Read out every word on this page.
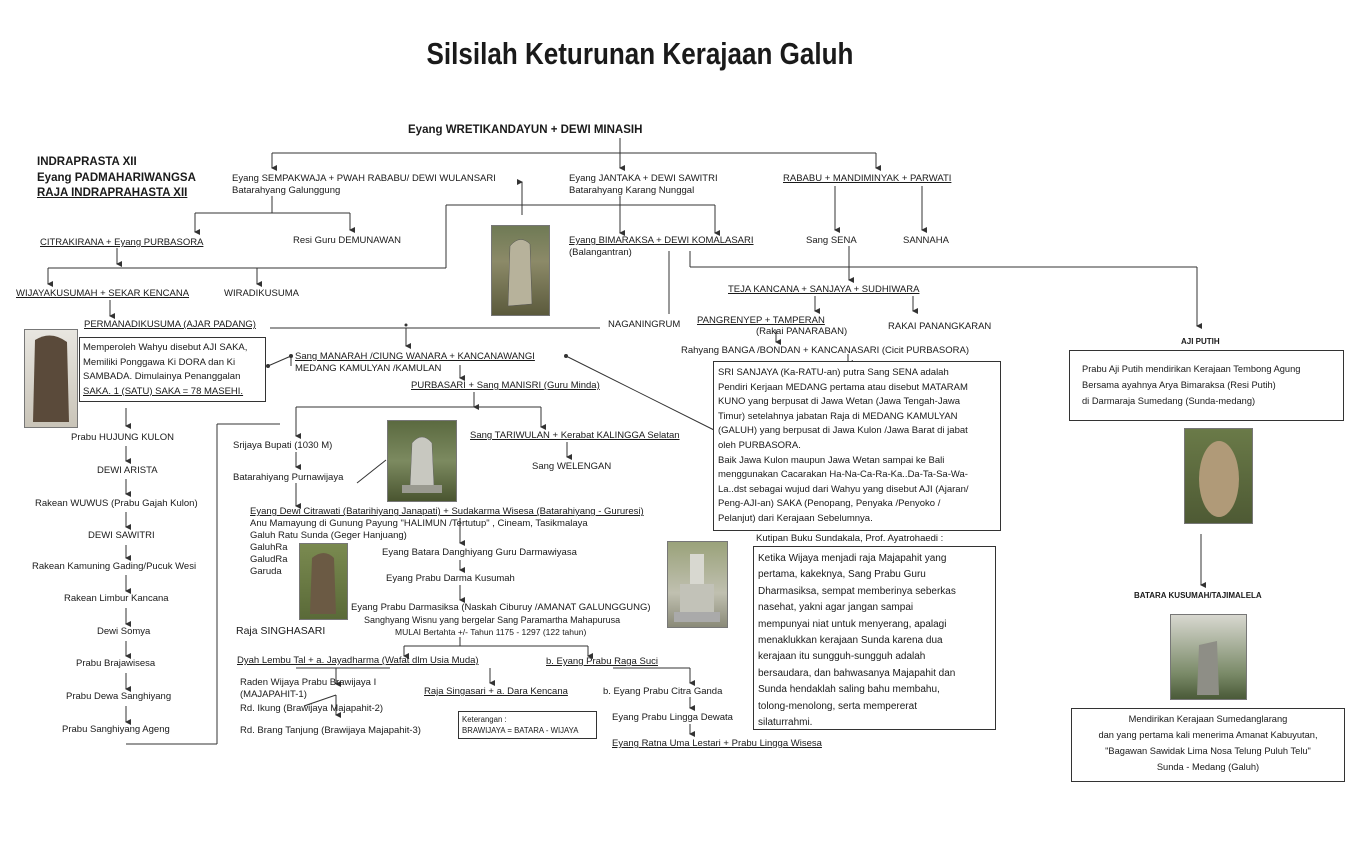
Silsilah Keturunan Kerajaan Galuh
Eyang WRETIKANDAYUN + DEWI MINASIH
INDRAPRASTA XII
Eyang PADMAHARIWANGSA
RAJA INDRAPRAHASTA XII
Eyang SEMPAKWAJA + PWAH RABABU/ DEWI WULANSARI
Batarahyang Galunggung
Eyang JANTAKA + DEWI SAWITRI
Batarahyang Karang Nunggal
RABABU + MANDIMINYAK + PARWATI
CITRAKIRANA + Eyang PURBASORA	Resi Guru DEMUNAWAN	Eyang BIMARAKSA + DEWI KOMALASARI
(Balangantran)
Sang SENA	SANNAHA
WIJAYAKUSUMAH + SEKAR KENCANA	WIRADIKUSUMA	TEJA KANCANA + SANJAYA + SUDHIWARA
PERMANADIKUSUMA (AJAR PADANG)	NAGANINGRUM PANGRENYEP + TAMPERAN
(Rakai PANARABAN)	RAKAI PANANGKARAN
AJI PUTIH
Memperoleh Wahyu disebut AJI SAKA,
Memiliki Ponggawa Ki DORA dan Ki
SAMBADA. Dimulainya Penanggalan
SAKA. 1 (SATU) SAKA = 78 MASEHI.
Sang MANARAH /CIUNG WANARA + KANCANAWANGI
MEDANG KAMULYAN /KAMULAN
Rahyang BANGA /BONDAN + KANCANASARI (Cicit PURBASORA)
PURBASARI + Sang MANISRI (Guru Minda)
SRI SANJAYA (Ka-RATU-an) putra Sang SENA adalah
Pendiri Kerjaan MEDANG pertama atau disebut MATARAM
KUNO yang berpusat di Jawa Wetan (Jawa Tengah-Jawa
Timur) setelahnya jabatan Raja di MEDANG KAMULYAN
(GALUH) yang berpusat di Jawa Kulon /Jawa Barat di jabat
oleh PURBASORA.
Baik Jawa Kulon maupun Jawa Wetan sampai ke Bali
menggunakan Cacarakan Ha-Na-Ca-Ra-Ka..Da-Ta-Sa-Wa-
La..dst sebagai wujud dari Wahyu yang disebut AJI (Ajaran/
Peng-AJI-an) SAKA (Penopang, Penyaka /Penyoko /
Pelanjut) dari Kerajaan Sebelumnya.
Prabu Aji Putih mendirikan Kerajaan Tembong Agung
Bersama ayahnya Arya Bimaraksa (Resi Putih)
di Darmaraja Sumedang (Sunda-medang)
Prabu HUJUNG KULON
DEWI ARISTA
Rakean WUWUS (Prabu Gajah Kulon)
DEWI SAWITRI
Rakean Kamuning Gading/Pucuk Wesi
Rakean Limbur Kancana
Dewi Somya
Prabu Brajawisesa
Prabu Dewa Sanghiyang
Prabu Sanghiyang Ageng
Srijaya Bupati (1030 M)
Batarahiyang Purnawijaya
Sang TARIWULAN + Kerabat KALINGGA Selatan
Sang WELENGAN
Eyang Dewi Citrawati (Batarihiyang Janapati) + Sudakarma Wisesa (Batarahiyang - Gururesi)
Anu Mamayung di Gunung Payung "HALIMUN /Tertutup" , Cineam, Tasikmalaya
Galuh Ratu Sunda (Geger Hanjuang)
GaluhRa
GaludRa
Garuda
Eyang Batara Danghiyang Guru Darmawiyasa
Eyang Prabu Darma Kusumah
Eyang Prabu Darmasiksa (Naskah Ciburuy /AMANAT GALUNGGUNG)
Sanghyang Wisnu yang bergelar Sang Paramartha Mahapurusa
MULAI Bertahta +/- Tahun 1175 - 1297 (122 tahun)
Raja SINGHASARI
Dyah Lembu Tal + a. Jayadharma (Wafat dlm Usia Muda)	b. Eyang Prabu Raga Suci
Raden Wijaya Prabu Brawijaya I
(MAJAPAHIT-1)
Rd. Ikung (Brawijaya Majapahit-2)
Rd. Brang Tanjung (Brawijaya Majapahit-3)
Raja Singasari + a. Dara Kencana	b. Eyang Prabu Citra Ganda
Eyang Prabu Lingga Dewata
Eyang Ratna Uma Lestari + Prabu Lingga Wisesa
Keterangan :
BRAWIJAYA = BATARA - WIJAYA
Kutipan Buku Sundakala, Prof. Ayatrohaedi :
Ketika Wijaya menjadi raja Majapahit yang
pertama, kakeknya, Sang Prabu Guru
Dharmasiksa, sempat memberinya seberkas
nasehat, yakni agar jangan sampai
mempunyai niat untuk menyerang, apalagi
menaklukkan kerajaan Sunda karena dua
kerajaan itu sungguh-sungguh adalah
bersaudara, dan bahwasanya Majapahit dan
Sunda hendaklah saling bahu membahu,
tolong-menolong, serta mempererat
silaturrahmi.
BATARA KUSUMAH/TAJIMALELA
Mendirikan Kerajaan Sumedanglarang
dan yang pertama kali menerima Amanat Kabuyutan,
"Bagawan Sawidak Lima Nosa Telung Puluh Telu"
Sunda - Medang (Galuh)
